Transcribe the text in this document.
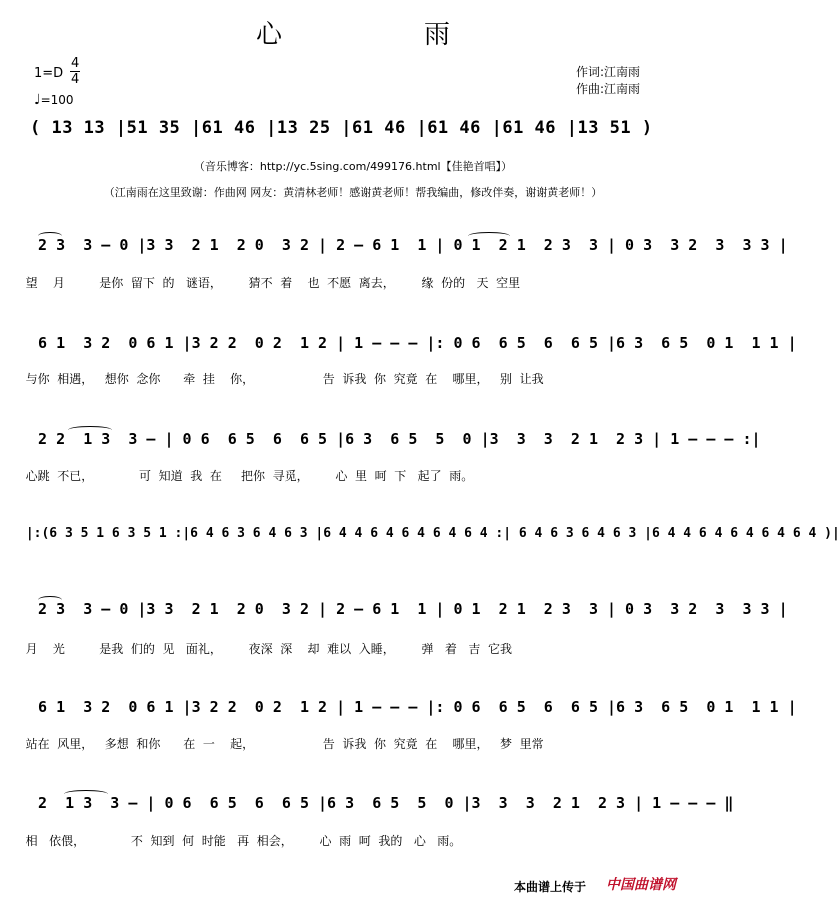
心　雨
$1=D \frac{4}{4}$
♩=100
作词:江南雨
作曲:江南雨
( 13 13 |51 35 |61 46 |13 25 |61 46 |61 46 |61 46 |13 51 )
（音乐博客：http://yc.5sing.com/499176.html【佳艳首唱】）
（江南雨在这里致谢：作曲网 网友：黄清林老师！感谢黄老师！帮我编曲，修改伴奏，谢谢黄老师！）
2 3  3 — 0 |3 3  2 1  2 0  3 2 | 2 — 6 1  1 | 0 1  2 1  2 3  3 | 0 3  3 2  3  3 3 |
望    月         是你  留下  的   谜语，       猜不  着    也  不愿  离去，       缘  份的   天  空里
6 1  3 2  0 6 1 |3 2 2  0 2  1 2 | 1 — — — |: 0 6  6 5  6  6 5 |6 3  6 5  0 1  1 1 |
与你  相遇，   想你  念你      牵  挂    你，                  告  诉我  你  究竟  在    哪里，   别  让我
2 2  1 3  3 — | 0 6  6 5  6  6 5 |6 3  6 5  5  0 |3  3  3  2 1  2 3 | 1 — — — :|
心跳  不已，            可  知道  我  在     把你  寻觅，       心  里  呵  下   起了  雨。
|:(6 3 5 1 6 3 5 1 :|6 4 6 3 6 4 6 3 |6 4 4 6 4 6 4 6 4 6 4 :| 6 4 6 3 6 4 6 3 |6 4 4 6 4 6 4 6 4 6 4 )|
2 3  3 — 0 |3 3  2 1  2 0  3 2 | 2 — 6 1  1 | 0 1  2 1  2 3  3 | 0 3  3 2  3  3 3 |
月    光         是我  们的  见   面礼，       夜深  深    却  难以  入睡，       弹   着   吉  它我
6 1  3 2  0 6 1 |3 2 2  0 2  1 2 | 1 — — — |: 0 6  6 5  6  6 5 |6 3  6 5  0 1  1 1 |
站在  风里，   多想  和你      在  一    起，                  告  诉我  你  究竟  在    哪里，   梦  里常
2  1 3  3 — | 0 6  6 5  6  6 5 |6 3  6 5  5  0 |3  3  3  2 1  2 3 | 1 — — — ‖
相   依偎，            不  知到  何  时能   再  相会，       心  雨  呵  我的   心   雨。
本曲谱上传于 中国曲谱网
